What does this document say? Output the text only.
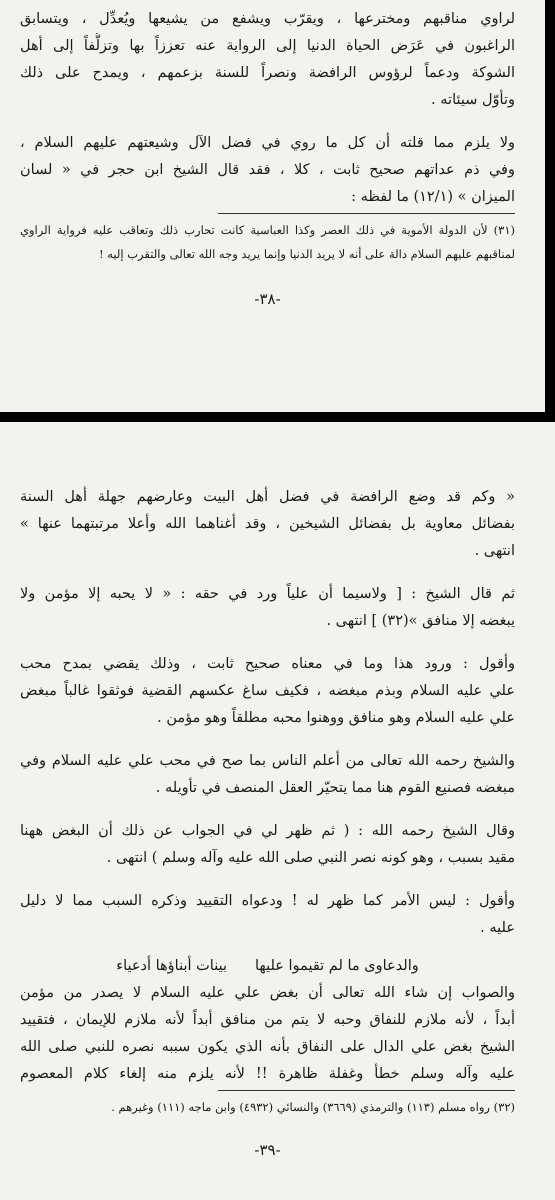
لراوي مناقبهم ومخترعها ، ويقرّب ويشفع من يشيعها ويُعدِّل ، ويتسابق
الراغبون في عَرَض الحياة الدنيا إلى الرواية عنه تعززاً بها وتزلُّفاً إلى أهل
الشوكة ودعماً لرؤوس الرافضة ونصراً للسنة بزعمهم ، ويمدح على ذلك
وتأوّل سيئاته .
ولا يلزم مما قلته أن كل ما روي في فضل الآل وشيعتهم عليهم السلام ،
وفي ذم عداتهم صحيح ثابت ، كلا ، فقد قال الشيخ ابن حجر في « لسان
الميزان » (١٢/١) ما لفظه :
(٣١) لأن الدولة الأموية في ذلك العصر وكذا العباسية كانت تحارب ذلك وتعاقب عليه فرواية الراوي
لمناقبهم عليهم السلام دالة على أنه لا يريد الدنيا وإنما يريد وجه الله تعالى والتقرب إليه !
-٣٨-
« وكم قد وضع الرافضة في فضل أهل البيت وعارضهم جهلة أهل السنة
بفضائل معاوية بل بفضائل الشيخين ، وقد أغناهما الله وأعلا مرتبتهما عنها »
انتهى .
ثم قال الشيخ : [ ولاسيما أن علياً ورد في حقه : « لا يحبه إلا مؤمن ولا
يبغضه إلا منافق »(٣٢) ] انتهى .
وأقول : ورود هذا وما في معناه صحيح ثابت ، وذلك يقضي بمدح محب
علي عليه السلام وبذم مبغضه ، فكيف ساغ عكسهم القضية فوثقوا غالباً مبغض
علي عليه السلام وهو منافق ووهنوا محبه مطلقاً وهو مؤمن .
والشيخ رحمه الله تعالى من أعلم الناس بما صح في محب علي عليه السلام وفي
مبغضه فصنيع القوم هنا مما يتحيّر العقل المنصف في تأويله .
وقال الشيخ رحمه الله : ( ثم ظهر لي في الجواب عن ذلك أن البغض ههنا
مقيد بسبب ، وهو كونه نصر النبي صلى الله عليه وآله وسلم ) انتهى .
وأقول : ليس الأمر كما ظهر له ! ودعواه التقييد وذكره السبب مما لا دليل
عليه .
والدعاوى ما لم تقيموا عليها
بينات أبناؤها أدعياء
والصواب إن شاء الله تعالى أن بغض علي عليه السلام لا يصدر من مؤمن
أبداً ، لأنه ملازم للنفاق وحبه لا يتم من منافق أبداً لأنه ملازم للإيمان ، فتقييد
الشيخ بغض علي الدال على النفاق بأنه الذي يكون سببه نصره للنبي صلى الله
عليه وآله وسلم خطأ وغفلة ظاهرة !! لأنه يلزم منه إلغاء كلام المعصوم
(٣٢) رواه مسلم (١١٣) والترمذي (٣٦٦٩) والنسائي (٤٩٣٢) وابن ماجه (١١١) وغيرهم .
-٣٩-
